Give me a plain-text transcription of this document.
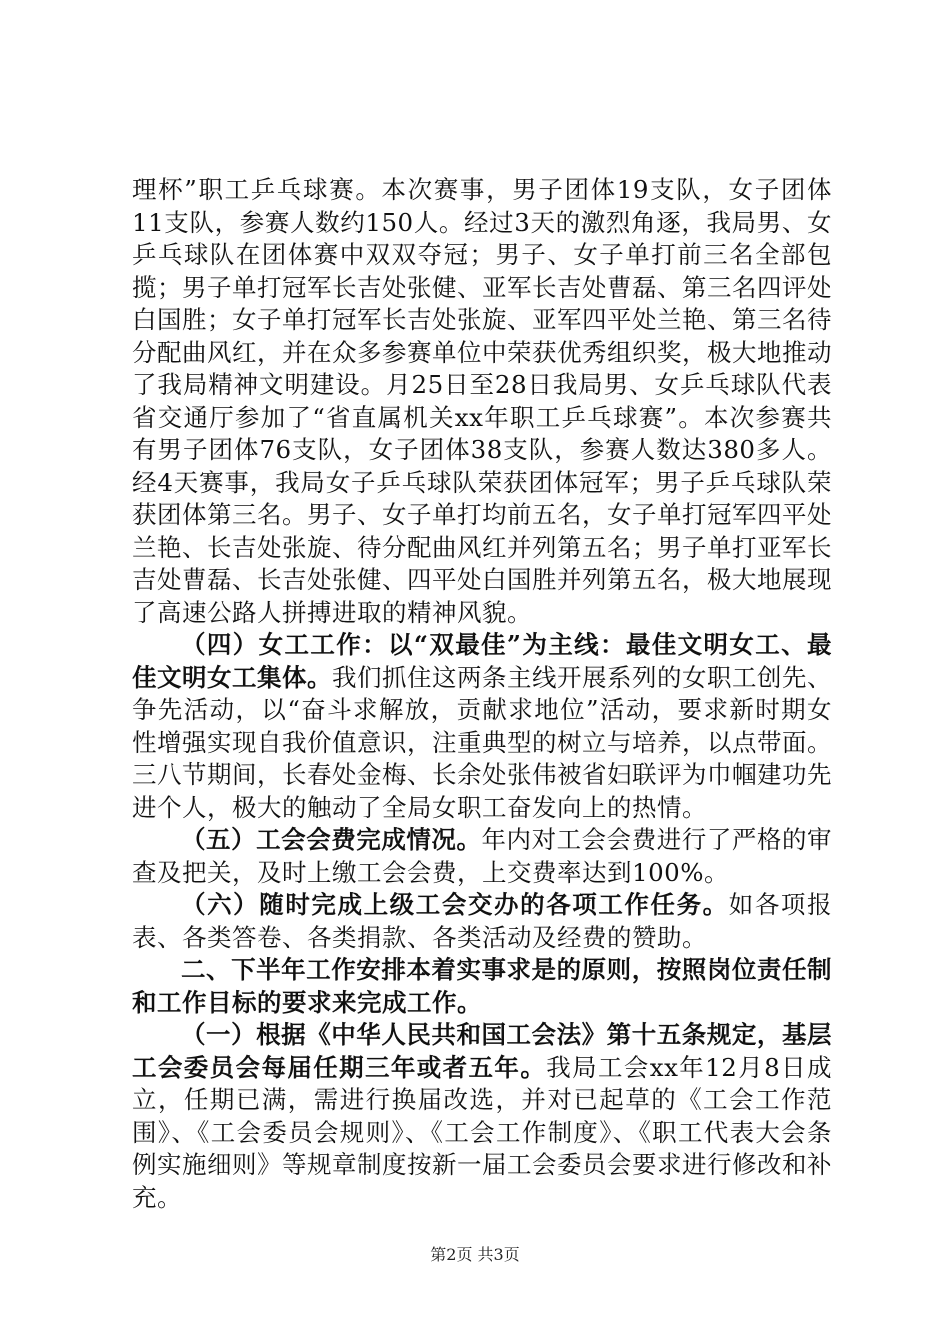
理杯”职工乒乓球赛。本次赛事，男子团体19支队，女子团体11支队，参赛人数约150人。经过3天的激烈角逐，我局男、女乒乓球队在团体赛中双双夺冠；男子、女子单打前三名全部包揽；男子单打冠军长吉处张健、亚军长吉处曹磊、第三名四评处白国胜；女子单打冠军长吉处张旋、亚军四平处兰艳、第三名待分配曲风红，并在众多参赛单位中荣获优秀组织奖，极大地推动了我局精神文明建设。月25日至28日我局男、女乒乓球队代表省交通厅参加了“省直属机关xx年职工乒乓球赛”。本次参赛共有男子团体76支队，女子团体38支队，参赛人数达380多人。经4天赛事，我局女子乒乓球队荣获团体冠军；男子乒乓球队荣获团体第三名。男子、女子单打均前五名，女子单打冠军四平处兰艳、长吉处张旋、待分配曲风红并列第五名；男子单打亚军长吉处曹磊、长吉处张健、四平处白国胜并列第五名，极大地展现了高速公路人拼搏进取的精神风貌。

（四）女工工作：以“双最佳”为主线：最佳文明女工、最佳文明女工集体。我们抓住这两条主线开展系列的女职工创先、争先活动，以“奋斗求解放，贡献求地位”活动，要求新时期女性增强实现自我价值意识，注重典型的树立与培养，以点带面。三八节期间，长春处金梅、长余处张伟被省妇联评为巾帼建功先进个人，极大的触动了全局女职工奋发向上的热情。

（五）工会会费完成情况。年内对工会会费进行了严格的审查及把关，及时上缴工会会费，上交费率达到100%。

（六）随时完成上级工会交办的各项工作任务。如各项报表、各类答卷、各类捐款、各类活动及经费的赞助。

二、下半年工作安排本着实事求是的原则，按照岗位责任制和工作目标的要求来完成工作。

（一）根据《中华人民共和国工会法》第十五条规定，基层工会委员会每届任期三年或者五年。我局工会xx年12月8日成立，任期已满，需进行换届改选，并对已起草的《工会工作范围》、《工会委员会规则》、《工会工作制度》、《职工代表大会条例实施细则》等规章制度按新一届工会委员会要求进行修改和补充。

第2页 共3页
